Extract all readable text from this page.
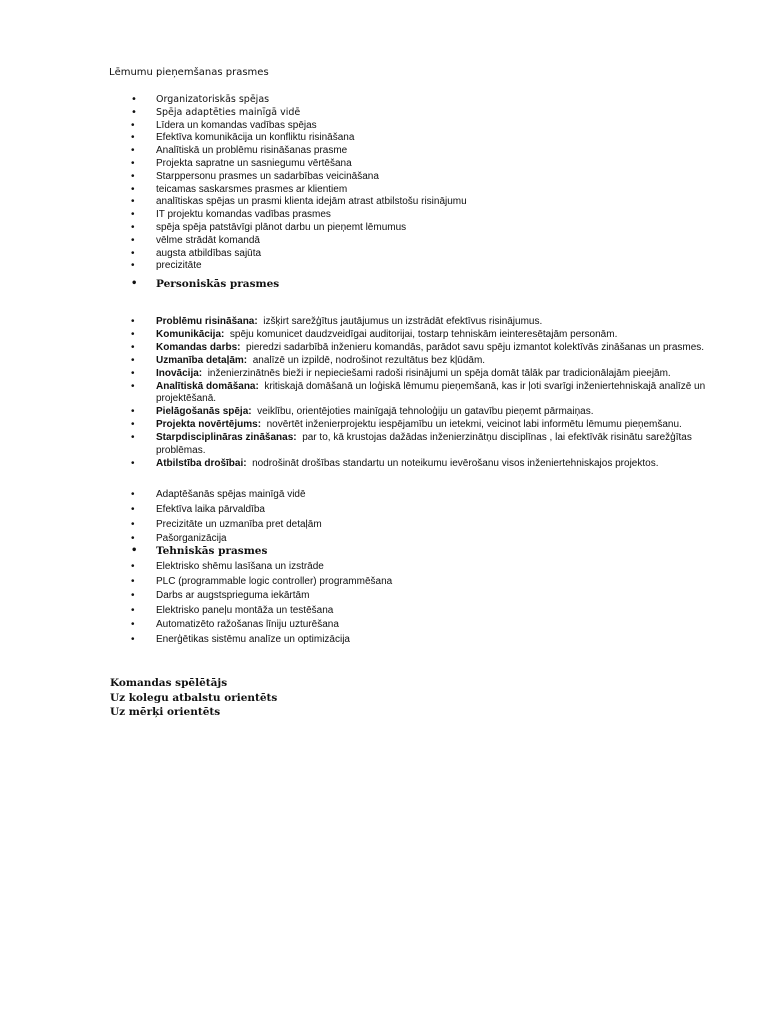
Lēmumu pieņemšanas prasmes
• Organizatoriskās spējas
• Spēja adaptēties mainīgā vidē
• Līdera un komandas vadības spējas
• Efektīva komunikācija un konfliktu risināšana
• Analītiskā un problēmu risināšanas prasme
• Projekta sapratne un sasniegumu vērtēšana
• Starppersonu prasmes un sadarbības veicināšana
• teicamas saskarsmes prasmes ar klientiem
• analītiskas spējas un prasmi klienta idejām atrast atbilstošu risinājumu
• IT projektu komandas vadības prasmes
• spēja spēja patstāvīgi plānot darbu un pieņemt lēmumus
• vēlme strādāt komandā
• augsta atbildības sajūta
• precizitāte
• Personiskās prasmes
• Problēmu risināšana: izšķirt sarežģītus jautājumus un izstrādāt efektīvus risinājumus.
• Komunikācija: spēju komunicet daudzveidīgai auditorijai, tostarp tehniskām ieinteresētajām personām.
• Komandas darbs: pieredzi sadarbībā inženieru komandās, parādot savu spēju izmantot kolektīvās zināšanas un prasmes.
• Uzmanība detaļām: analīzē un izpildē, nodrošinot rezultātus bez kļūdām.
• Inovācija: inženierzinātnēs bieži ir nepieciešami radoši risinājumi un spēja domāt tālāk par tradicionālajām pieejām.
• Analītiskā domāšana: kritiskajā domāšanā un loģiskā lēmumu pieņemšanā, kas ir ļoti svarīgi inženiertehniskajā analīzē un projektēšanā.
• Pielāgošanās spēja: veiklību, orientējoties mainīgajā tehnoloģiju un gatavību pieņemt pārmaiņas.
• Projekta novērtējums: novērtēt inženierprojektu iespējamību un ietekmi, veicinot labi informētu lēmumu pieņemšanu.
• Starpdisciplināras zināšanas: par to, kā krustojas dažādas inženierzinātņu disciplīnas , lai efektīvāk risinātu sarežģītas problēmas.
• Atbilstība drošībai: nodrošināt drošības standartu un noteikumu ievērošanu visos inženiertehniskajos projektos.
• Adaptēšanās spējas mainīgā vidē
• Efektīva laika pārvaldība
• Precizitāte un uzmanība pret detaļām
• Pašorganizācija
• Tehniskās prasmes
• Elektrisko shēmu lasīšana un izstrāde
• PLC (programmable logic controller) programmēšana
• Darbs ar augstsprieguma iekārtām
• Elektrisko paneļu montāža un testēšana
• Automatizēto ražošanas līniju uzturēšana
• Enerģētikas sistēmu analīze un optimizācija
Komandas spēlētājs
Uz kolegu atbalstu orientēts
Uz mērķi orientēts
